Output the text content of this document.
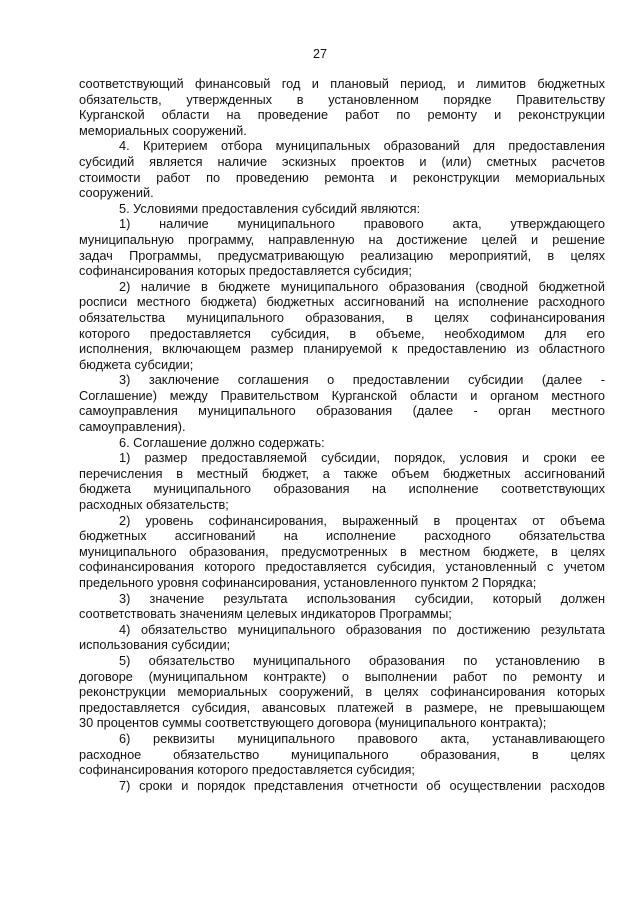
27
соответствующий финансовый год и плановый период, и лимитов бюджетных
обязательств, утвержденных в установленном порядке Правительству
Курганской области на проведение работ по ремонту и реконструкции
мемориальных сооружений.
4. Критерием отбора муниципальных образований для предоставления
субсидий является наличие эскизных проектов и (или) сметных расчетов
стоимости работ по проведению ремонта и реконструкции мемориальных
сооружений.
5. Условиями предоставления субсидий являются:
1) наличие муниципального правового акта, утверждающего
муниципальную программу, направленную на достижение целей и решение
задач Программы, предусматривающую реализацию мероприятий, в целях
софинансирования которых предоставляется субсидия;
2) наличие в бюджете муниципального образования (сводной бюджетной
росписи местного бюджета) бюджетных ассигнований на исполнение расходного
обязательства муниципального образования, в целях софинансирования
которого предоставляется субсидия, в объеме, необходимом для его
исполнения, включающем размер планируемой к предоставлению из областного
бюджета субсидии;
3) заключение соглашения о предоставлении субсидии (далее -
Соглашение) между Правительством Курганской области и органом местного
самоуправления муниципального образования (далее - орган местного
самоуправления).
6. Соглашение должно содержать:
1) размер предоставляемой субсидии, порядок, условия и сроки ее
перечисления в местный бюджет, а также объем бюджетных ассигнований
бюджета муниципального образования на исполнение соответствующих
расходных обязательств;
2) уровень софинансирования, выраженный в процентах от объема
бюджетных ассигнований на исполнение расходного обязательства
муниципального образования, предусмотренных в местном бюджете, в целях
софинансирования которого предоставляется субсидия, установленный с учетом
предельного уровня софинансирования, установленного пунктом 2 Порядка;
3) значение результата использования субсидии, который должен
соответствовать значениям целевых индикаторов Программы;
4) обязательство муниципального образования по достижению результата
использования субсидии;
5) обязательство муниципального образования по установлению в
договоре (муниципальном контракте) о выполнении работ по ремонту и
реконструкции мемориальных сооружений, в целях софинансирования которых
предоставляется субсидия, авансовых платежей в размере, не превышающем
30 процентов суммы соответствующего договора (муниципального контракта);
6) реквизиты муниципального правового акта, устанавливающего
расходное обязательство муниципального образования, в целях
софинансирования которого предоставляется субсидия;
7) сроки и порядок представления отчетности об осуществлении расходов
